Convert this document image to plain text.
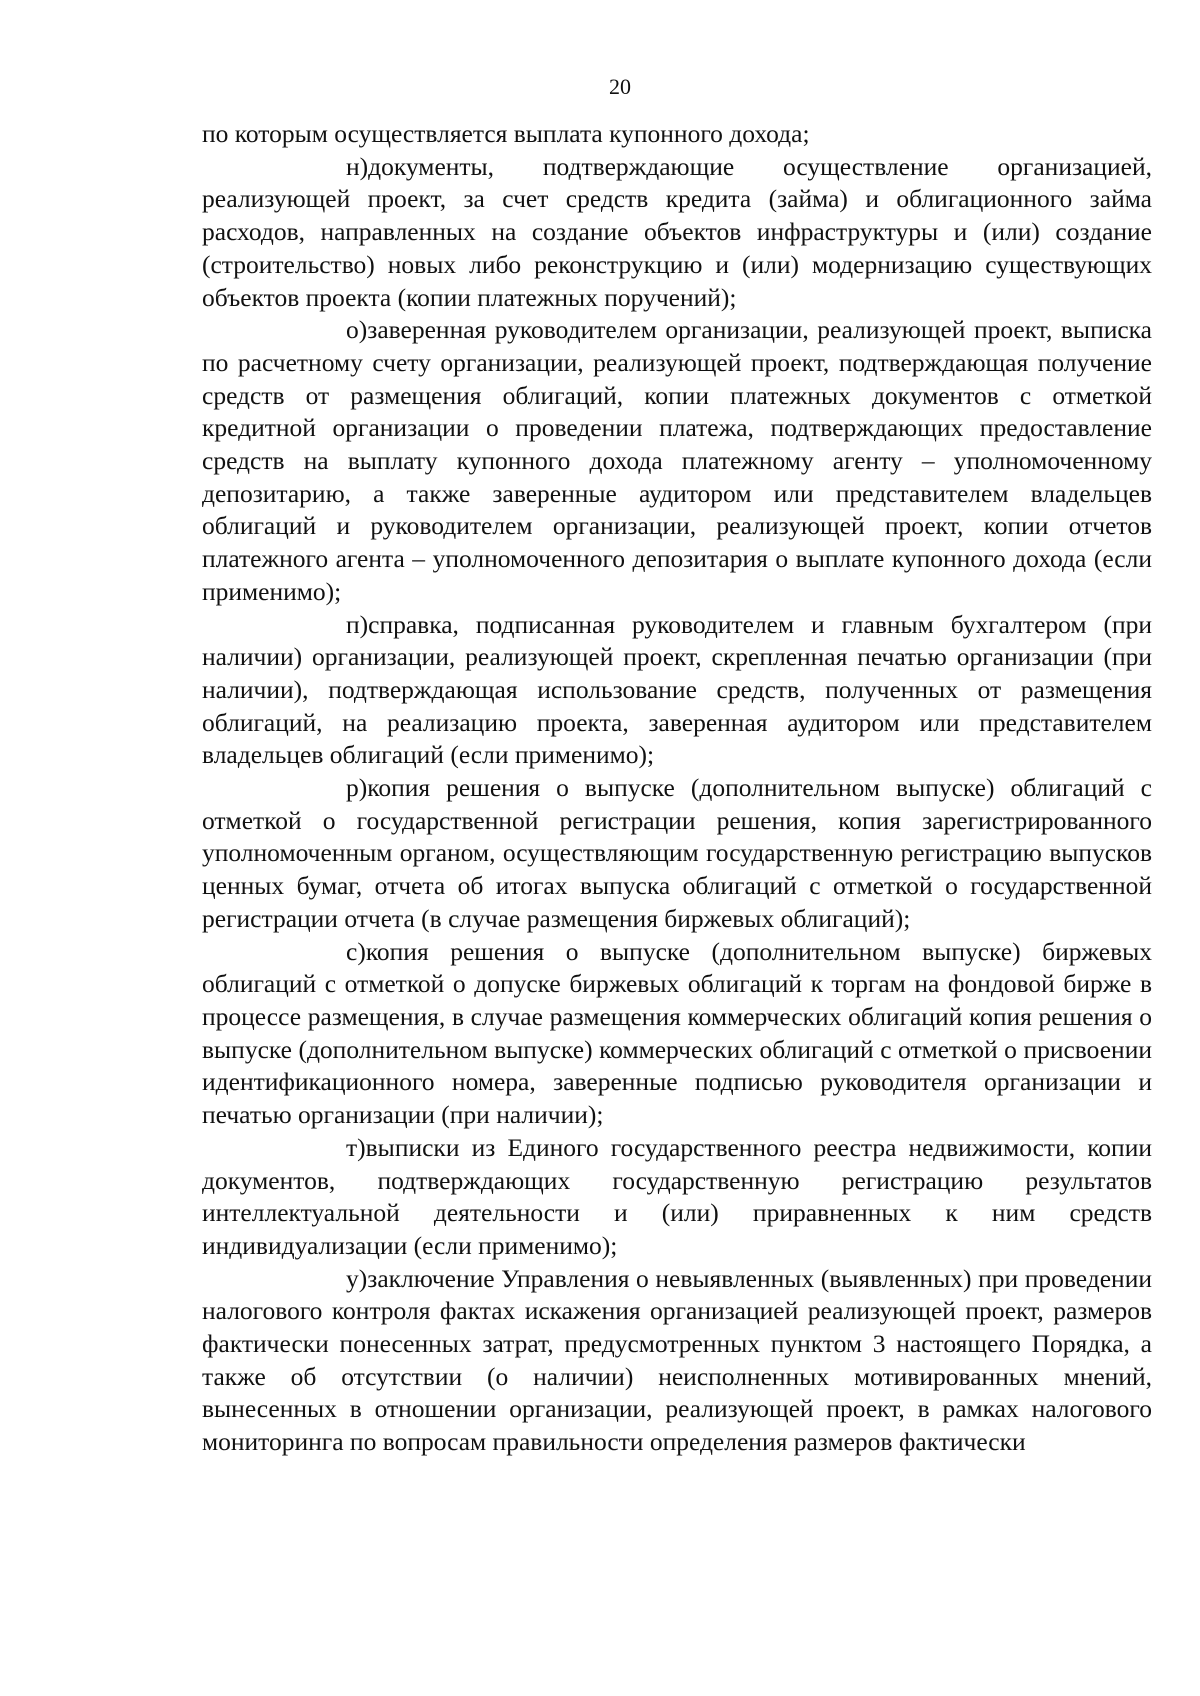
20

по которым осуществляется выплата купонного дохода;

н)документы, подтверждающие осуществление организацией, реализующей проект, за счет средств кредита (займа) и облигационного займа расходов, направленных на создание объектов инфраструктуры и (или) создание (строительство) новых либо реконструкцию и (или) модернизацию существующих объектов проекта (копии платежных поручений);

о)заверенная руководителем организации, реализующей проект, выписка по расчетному счету организации, реализующей проект, подтверждающая получение средств от размещения облигаций, копии платежных документов с отметкой кредитной организации о проведении платежа, подтверждающих предоставление средств на выплату купонного дохода платежному агенту – уполномоченному депозитарию, а также заверенные аудитором или представителем владельцев облигаций и руководителем организации, реализующей проект, копии отчетов платежного агента – уполномоченного депозитария о выплате купонного дохода (если применимо);

п)справка, подписанная руководителем и главным бухгалтером (при наличии) организации, реализующей проект, скрепленная печатью организации (при наличии), подтверждающая использование средств, полученных от размещения облигаций, на реализацию проекта, заверенная аудитором или представителем владельцев облигаций (если применимо);

р)копия решения о выпуске (дополнительном выпуске) облигаций с отметкой о государственной регистрации решения, копия зарегистрированного уполномоченным органом, осуществляющим государственную регистрацию выпусков ценных бумаг, отчета об итогах выпуска облигаций с отметкой о государственной регистрации отчета (в случае размещения биржевых облигаций);

с)копия решения о выпуске (дополнительном выпуске) биржевых облигаций с отметкой о допуске биржевых облигаций к торгам на фондовой бирже в процессе размещения, в случае размещения коммерческих облигаций копия решения о выпуске (дополнительном выпуске) коммерческих облигаций с отметкой о присвоении идентификационного номера, заверенные подписью руководителя организации и печатью организации (при наличии);

т)выписки из Единого государственного реестра недвижимости, копии документов, подтверждающих государственную регистрацию результатов интеллектуальной деятельности и (или) приравненных к ним средств индивидуализации (если применимо);

у)заключение Управления о невыявленных (выявленных) при проведении налогового контроля фактах искажения организацией реализующей проект, размеров фактически понесенных затрат, предусмотренных пунктом 3 настоящего Порядка, а также об отсутствии (о наличии) неисполненных мотивированных мнений, вынесенных в отношении организации, реализующей проект, в рамках налогового мониторинга по вопросам правильности определения размеров фактически
